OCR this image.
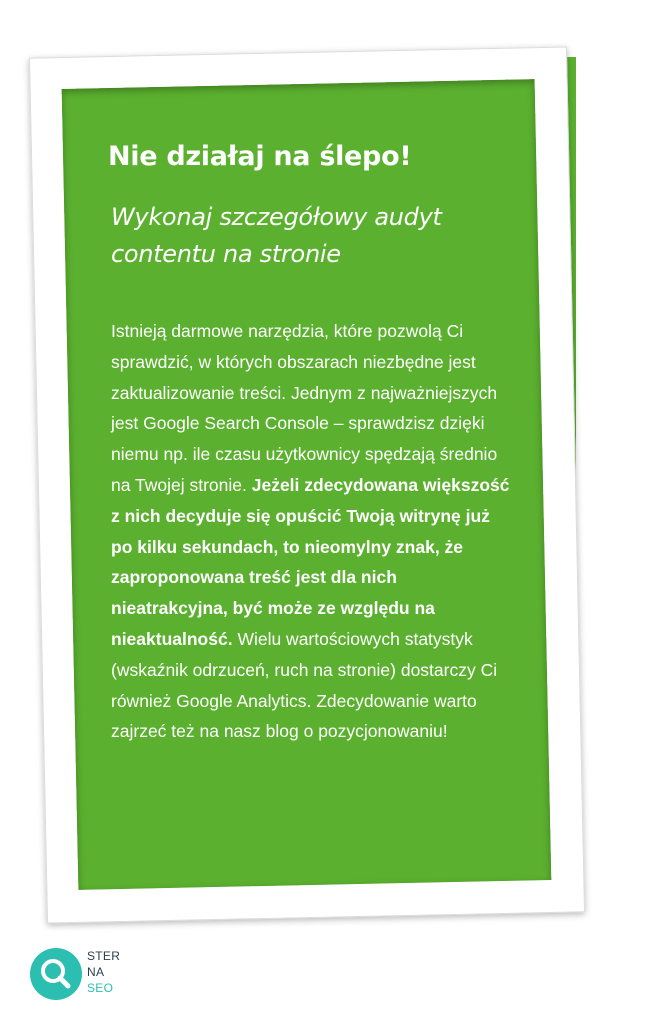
Nie działaj na ślepo!
Wykonaj szczegółowy audyt contentu na stronie

Istnieją darmowe narzędzia, które pozwolą Ci sprawdzić, w których obszarach niezbędne jest zaktualizowanie treści. Jednym z najważniejszych jest Google Search Console – sprawdzisz dzięki niemu np. ile czasu użytkownicy spędzają średnio na Twojej stronie. Jeżeli zdecydowana większość z nich decyduje się opuścić Twoją witrynę już po kilku sekundach, to nieomylny znak, że zaproponowana treść jest dla nich nieatrakcyjna, być może ze względu na nieaktualność. Wielu wartościowych statystyk (wskaźnik odrzuceń, ruch na stronie) dostarczy Ci również Google Analytics. Zdecydowanie warto zajrzeć też na nasz blog o pozycjonowaniu!

STER
NA
SEO
